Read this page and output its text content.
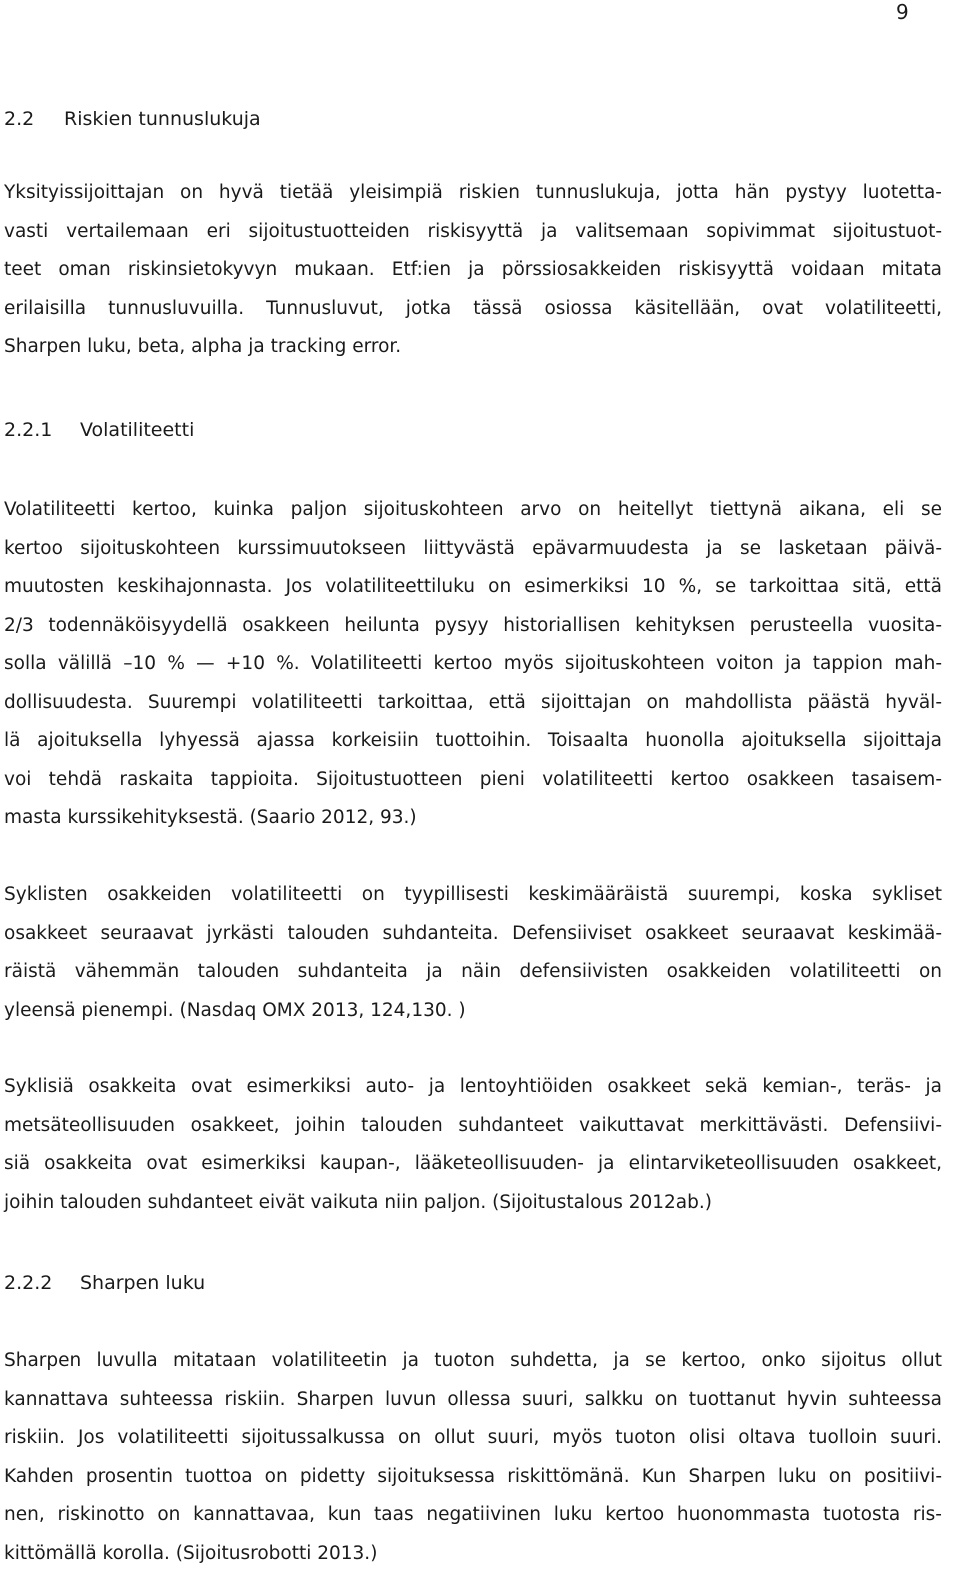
9
2.2 Riskien tunnuslukuja
Yksityissijoittajan on hyvä tietää yleisimpiä riskien tunnuslukuja, jotta hän pystyy luotetta-
vasti vertailemaan eri sijoitustuotteiden riskisyyttä ja valitsemaan sopivimmat sijoitustuot-
teet oman riskinsietokyvyn mukaan. Etf:ien ja pörssiosakkeiden riskisyyttä voidaan mitata
erilaisilla tunnusluvuilla. Tunnusluvut, jotka tässä osiossa käsitellään, ovat volatiliteetti,
Sharpen luku, beta, alpha ja tracking error.
2.2.1 Volatiliteetti
Volatiliteetti kertoo, kuinka paljon sijoituskohteen arvo on heitellyt tiettynä aikana, eli se
kertoo sijoituskohteen kurssimuutokseen liittyvästä epävarmuudesta ja se lasketaan päivä-
muutosten keskihajonnasta. Jos volatiliteettiluku on esimerkiksi 10 %, se tarkoittaa sitä, että
2/3 todennäköisyydellä osakkeen heilunta pysyy historiallisen kehityksen perusteella vuosita-
solla välillä –10 % — +10 %. Volatiliteetti kertoo myös sijoituskohteen voiton ja tappion mah-
dollisuudesta. Suurempi volatiliteetti tarkoittaa, että sijoittajan on mahdollista päästä hyväl-
lä ajoituksella lyhyessä ajassa korkeisiin tuottoihin. Toisaalta huonolla ajoituksella sijoittaja
voi tehdä raskaita tappioita. Sijoitustuotteen pieni volatiliteetti kertoo osakkeen tasaisem-
masta kurssikehityksestä. (Saario 2012, 93.)
Syklisten osakkeiden volatiliteetti on tyypillisesti keskimääräistä suurempi, koska sykliset
osakkeet seuraavat jyrkästi talouden suhdanteita. Defensiiviset osakkeet seuraavat keskimää-
räistä vähemmän talouden suhdanteita ja näin defensiivisten osakkeiden volatiliteetti on
yleensä pienempi. (Nasdaq OMX 2013, 124,130. )
Syklisiä osakkeita ovat esimerkiksi auto- ja lentoyhtiöiden osakkeet sekä kemian-, teräs- ja
metsäteollisuuden osakkeet, joihin talouden suhdanteet vaikuttavat merkittävästi. Defensiivi-
siä osakkeita ovat esimerkiksi kaupan-, lääketeollisuuden- ja elintarviketeollisuuden osakkeet,
joihin talouden suhdanteet eivät vaikuta niin paljon. (Sijoitustalous 2012ab.)
2.2.2 Sharpen luku
Sharpen luvulla mitataan volatiliteetin ja tuoton suhdetta, ja se kertoo, onko sijoitus ollut
kannattava suhteessa riskiin. Sharpen luvun ollessa suuri, salkku on tuottanut hyvin suhteessa
riskiin. Jos volatiliteetti sijoitussalkussa on ollut suuri, myös tuoton olisi oltava tuolloin suuri.
Kahden prosentin tuottoa on pidetty sijoituksessa riskittömänä. Kun Sharpen luku on positiivi-
nen, riskinotto on kannattavaa, kun taas negatiivinen luku kertoo huonommasta tuotosta ris-
kittömällä korolla. (Sijoitusrobotti 2013.)
